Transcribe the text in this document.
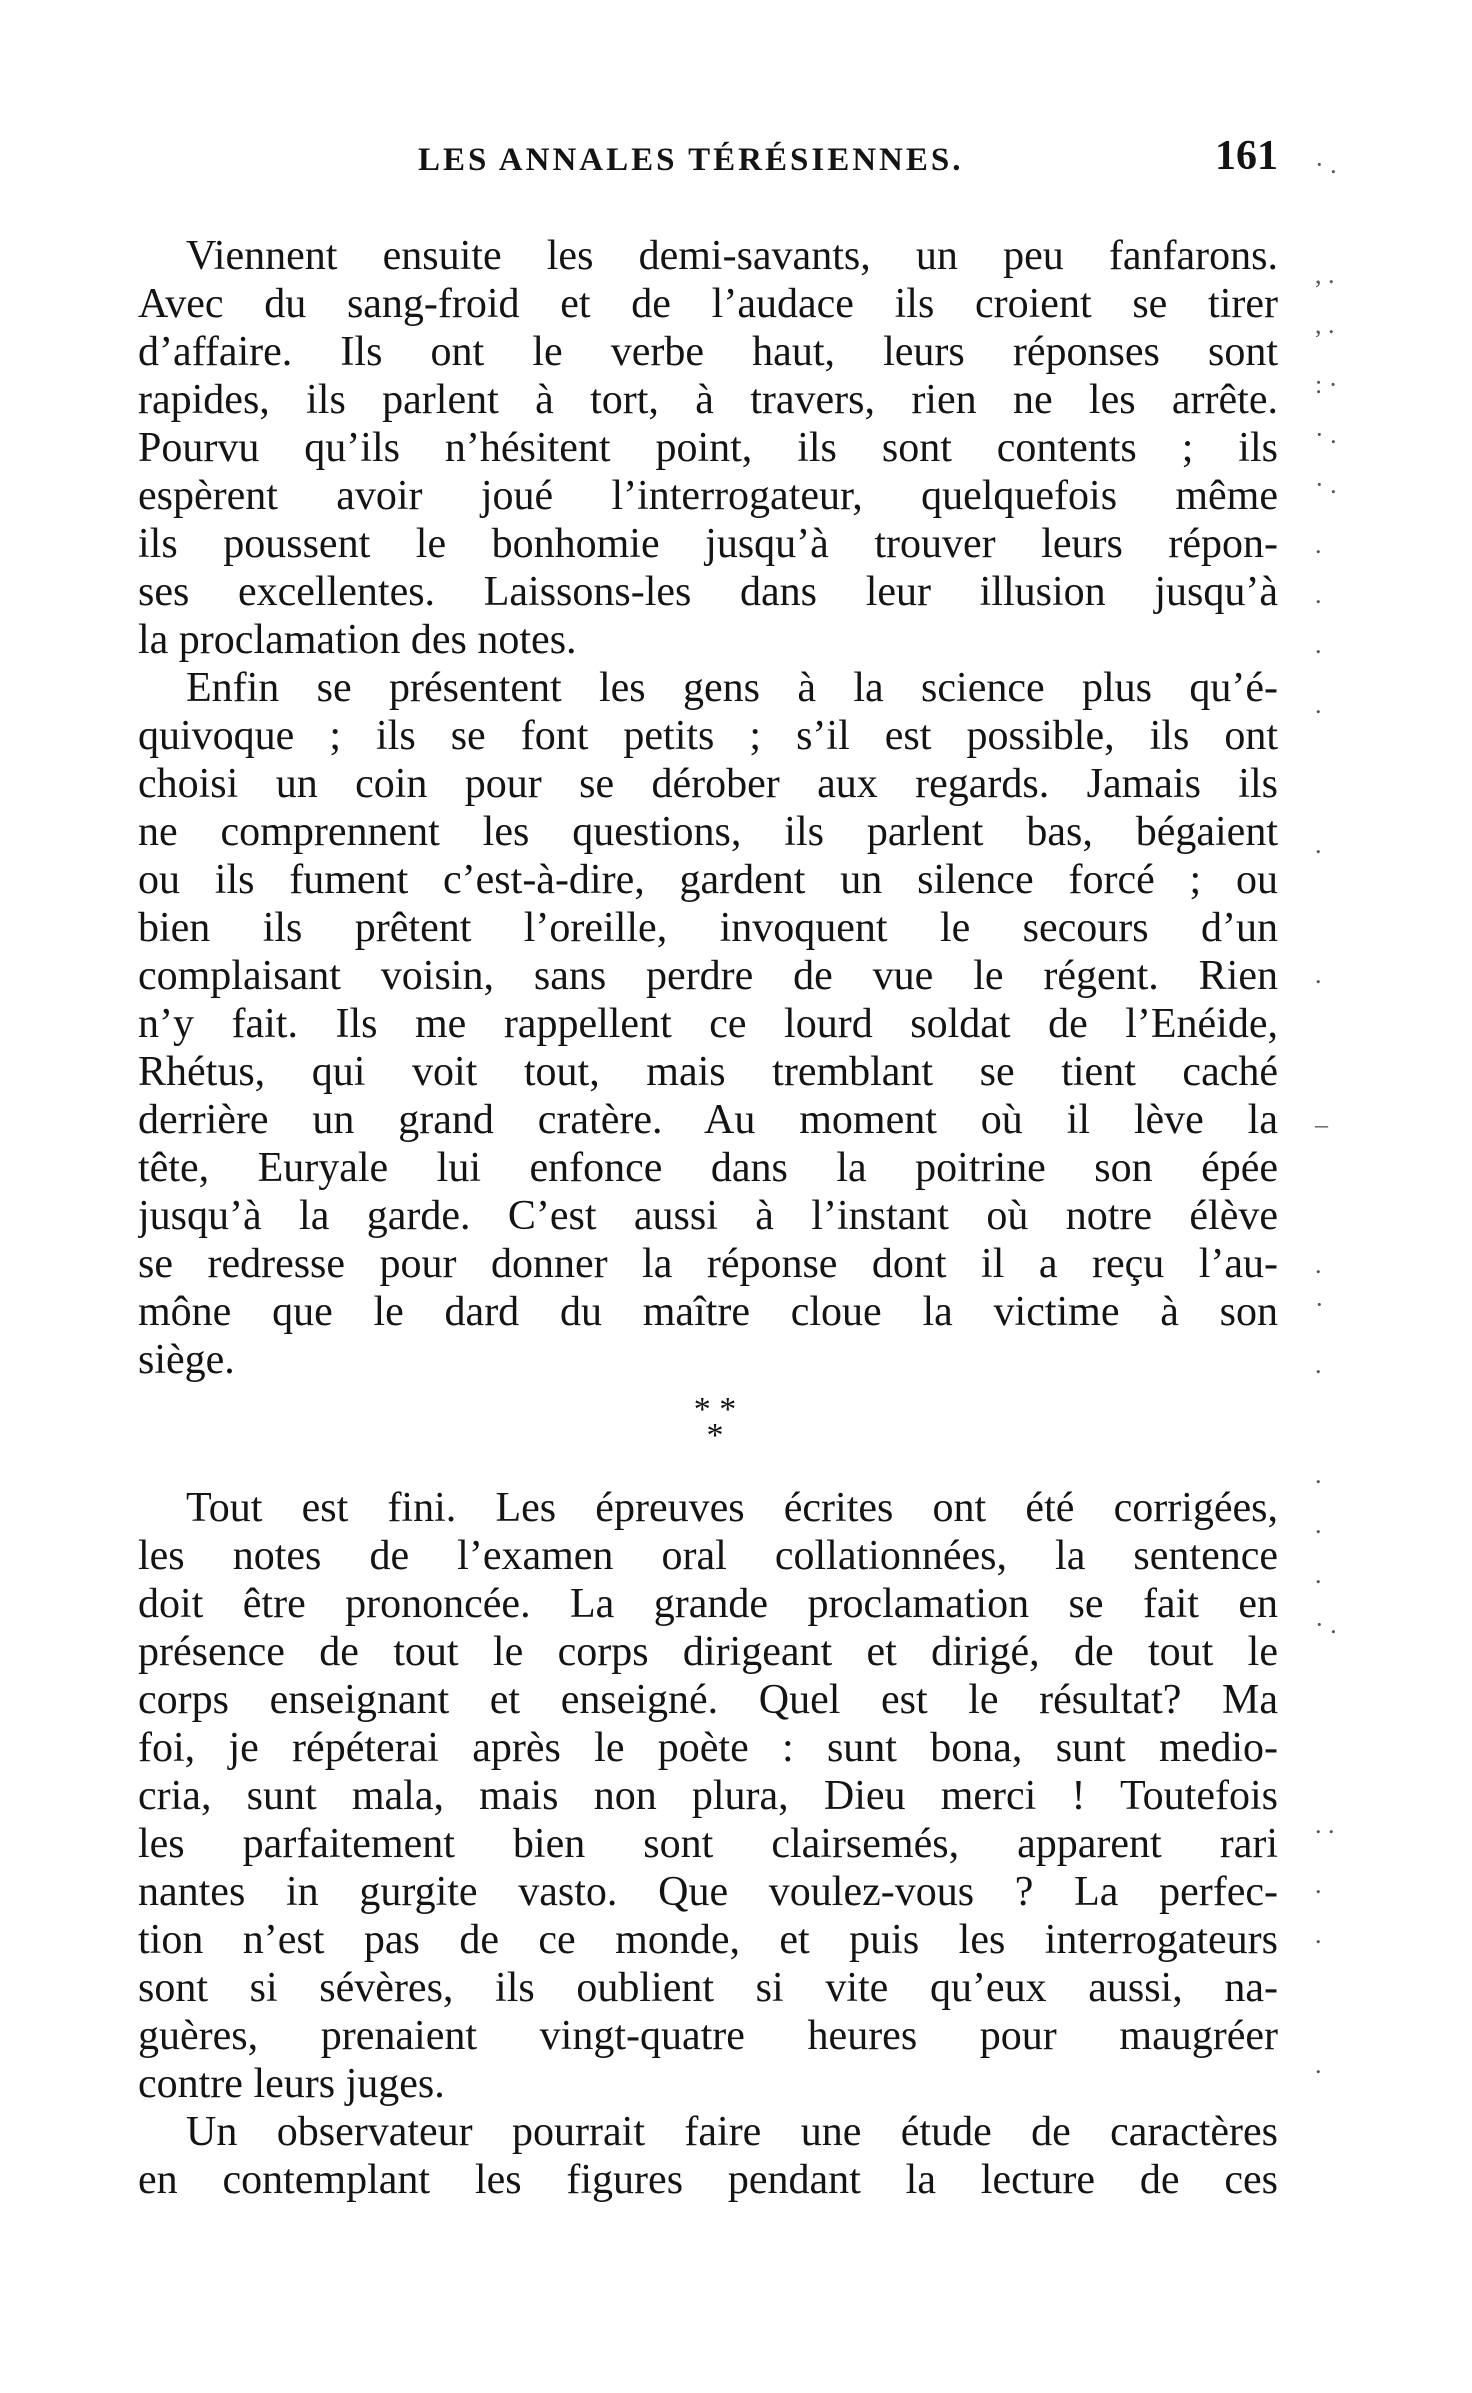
LES ANNALES TÉRÉSIENNES.	161
Viennent ensuite les demi-savants, un peu fanfarons.
Avec du sang-froid et de l’audace ils croient se tirer
d’affaire. Ils ont le verbe haut, leurs réponses sont
rapides, ils parlent à tort, à travers, rien ne les arrête.
Pourvu qu’ils n’hésitent point, ils sont contents ; ils
espèrent avoir joué l’interrogateur, quelquefois même
ils poussent le bonhomie jusqu’à trouver leurs répon-
ses excellentes. Laissons-les dans leur illusion jusqu’à
la proclamation des notes.
Enfin se présentent les gens à la science plus qu’é-
quivoque ; ils se font petits ; s’il est possible, ils ont
choisi un coin pour se dérober aux regards. Jamais ils
ne comprennent les questions, ils parlent bas, bégaient
ou ils fument c’est-à-dire, gardent un silence forcé ; ou
bien ils prêtent l’oreille, invoquent le secours d’un
complaisant voisin, sans perdre de vue le régent. Rien
n’y fait. Ils me rappellent ce lourd soldat de l’Enéide,
Rhétus, qui voit tout, mais tremblant se tient caché
derrière un grand cratère. Au moment où il lève la
tête, Euryale lui enfonce dans la poitrine son épée
jusqu’à la garde. C’est aussi à l’instant où notre élève
se redresse pour donner la réponse dont il a reçu l’au-
mône que le dard du maître cloue la victime à son
siège.
* *
*
Tout est fini. Les épreuves écrites ont été corrigées,
les notes de l’examen oral collationnées, la sentence
doit être prononcée. La grande proclamation se fait en
présence de tout le corps dirigeant et dirigé, de tout le
corps enseignant et enseigné. Quel est le résultat? Ma
foi, je répéterai après le poète : sunt bona, sunt medio-
cria, sunt mala, mais non plura, Dieu merci ! Toutefois
les parfaitement bien sont clairsemés, apparent rari
nantes in gurgite vasto. Que voulez-vous ? La perfec-
tion n’est pas de ce monde, et puis les interrogateurs
sont si sévères, ils oublient si vite qu’eux aussi, na-
guères, prenaient vingt-quatre heures pour maugréer
contre leurs juges.
Un observateur pourrait faire une étude de caractères
en contemplant les figures pendant la lecture de ces
· .
, .
, .
: ·
· .
· .
.
.
.
.
.
.
–
.
·
.
.
.
.
· .
. .
.
.
.
